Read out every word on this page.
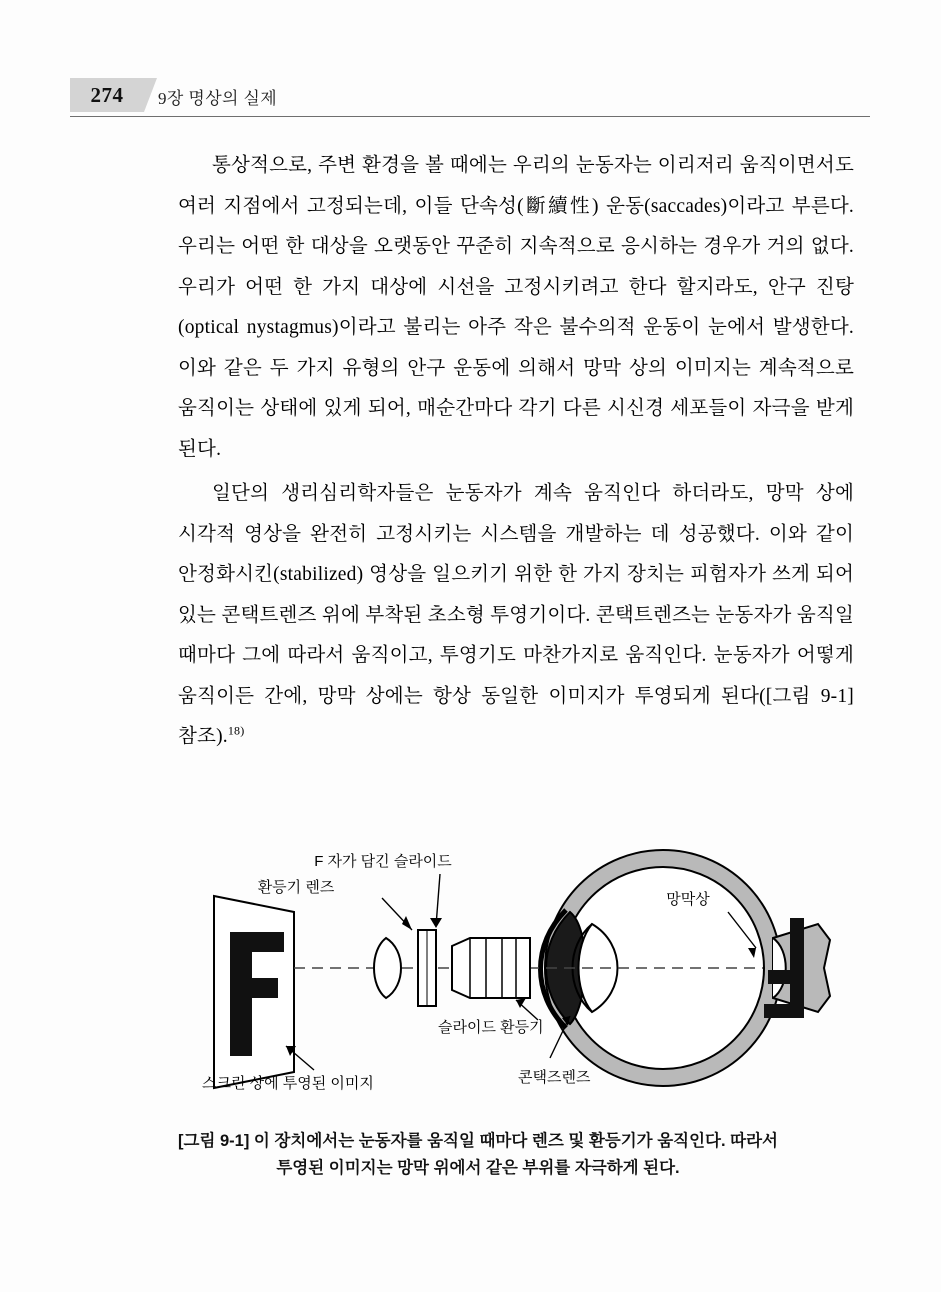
274 9장 명상의 실제

통상적으로, 주변 환경을 볼 때에는 우리의 눈동자는 이리저리 움직이면서도 여러 지점에서 고정되는데, 이들 단속성(斷續性) 운동(saccades)이라고 부른다. 우리는 어떤 한 대상을 오랫동안 꾸준히 지속적으로 응시하는 경우가 거의 없다. 우리가 어떤 한 가지 대상에 시선을 고정시키려고 한다 할지라도, 안구 진탕(optical nystagmus)이라고 불리는 아주 작은 불수의적 운동이 눈에서 발생한다. 이와 같은 두 가지 유형의 안구 운동에 의해서 망막 상의 이미지는 계속적으로 움직이는 상태에 있게 되어, 매순간마다 각기 다른 시신경 세포들이 자극을 받게 된다.

일단의 생리심리학자들은 눈동자가 계속 움직인다 하더라도, 망막 상에 시각적 영상을 완전히 고정시키는 시스템을 개발하는 데 성공했다. 이와 같이 안정화시킨(stabilized) 영상을 일으키기 위한 한 가지 장치는 피험자가 쓰게 되어 있는 콘택트렌즈 위에 부착된 초소형 투영기이다. 콘택트렌즈는 눈동자가 움직일 때마다 그에 따라서 움직이고, 투영기도 마찬가지로 움직인다. 눈동자가 어떻게 움직이든 간에, 망막 상에는 항상 동일한 이미지가 투영되게 된다([그림 9-1] 참조).$^{18)}$

F 자가 담긴 슬라이드
환등기 렌즈
슬라이드 환등기
스크린 상에 투영된 이미지	콘택즈렌즈
망막상
[그림 9-1] 이 장치에서는 눈동자를 움직일 때마다 렌즈 및 환등기가 움직인다. 따라서 투영된 이미지는 망막 위에서 같은 부위를 자극하게 된다.
